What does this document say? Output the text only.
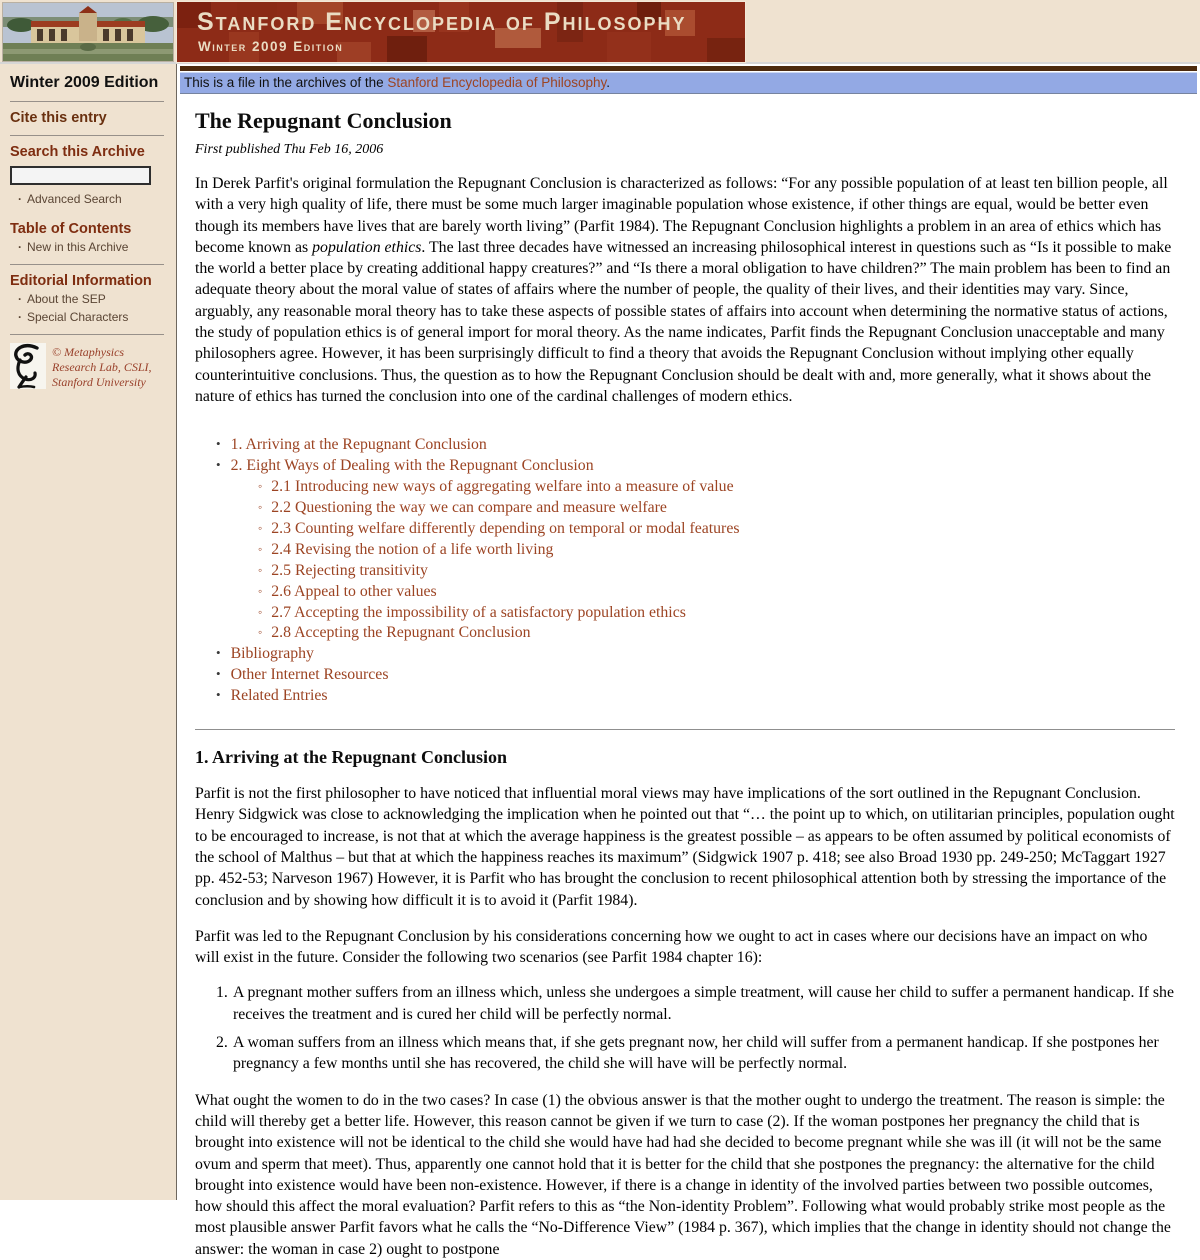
Stanford Encyclopedia of Philosophy
Winter 2009 Edition
Winter 2009 Edition
Cite this entry
Search this Archive
· Advanced Search
Table of Contents
· New in this Archive
Editorial Information
· About the SEP
· Special Characters
© Metaphysics Research Lab, CSLI, Stanford University
This is a file in the archives of the Stanford Encyclopedia of Philosophy.
The Repugnant Conclusion

First published Thu Feb 16, 2006

In Derek Parfit's original formulation the Repugnant Conclusion is characterized as follows: “For any possible population of at least ten billion people, all with a very high quality of life, there must be some much larger imaginable population whose existence, if other things are equal, would be better even though its members have lives that are barely worth living” (Parfit 1984). The Repugnant Conclusion highlights a problem in an area of ethics which has become known as population ethics. The last three decades have witnessed an increasing philosophical interest in questions such as “Is it possible to make the world a better place by creating additional happy creatures?” and “Is there a moral obligation to have children?” The main problem has been to find an adequate theory about the moral value of states of affairs where the number of people, the quality of their lives, and their identities may vary. Since, arguably, any reasonable moral theory has to take these aspects of possible states of affairs into account when determining the normative status of actions, the study of population ethics is of general import for moral theory. As the name indicates, Parfit finds the Repugnant Conclusion unacceptable and many philosophers agree. However, it has been surprisingly difficult to find a theory that avoids the Repugnant Conclusion without implying other equally counterintuitive conclusions. Thus, the question as to how the Repugnant Conclusion should be dealt with and, more generally, what it shows about the nature of ethics has turned the conclusion into one of the cardinal challenges of modern ethics.

• 1. Arriving at the Repugnant Conclusion
• 2. Eight Ways of Dealing with the Repugnant Conclusion
◦ 2.1 Introducing new ways of aggregating welfare into a measure of value
◦ 2.2 Questioning the way we can compare and measure welfare
◦ 2.3 Counting welfare differently depending on temporal or modal features
◦ 2.4 Revising the notion of a life worth living
◦ 2.5 Rejecting transitivity
◦ 2.6 Appeal to other values
◦ 2.7 Accepting the impossibility of a satisfactory population ethics
◦ 2.8 Accepting the Repugnant Conclusion
• Bibliography
• Other Internet Resources
• Related Entries
1. Arriving at the Repugnant Conclusion

Parfit is not the first philosopher to have noticed that influential moral views may have implications of the sort outlined in the Repugnant Conclusion. Henry Sidgwick was close to acknowledging the implication when he pointed out that “… the point up to which, on utilitarian principles, population ought to be encouraged to increase, is not that at which the average happiness is the greatest possible – as appears to be often assumed by political economists of the school of Malthus – but that at which the happiness reaches its maximum” (Sidgwick 1907 p. 418; see also Broad 1930 pp. 249-250; McTaggart 1927 pp. 452-53; Narveson 1967) However, it is Parfit who has brought the conclusion to recent philosophical attention both by stressing the importance of the conclusion and by showing how difficult it is to avoid it (Parfit 1984).

Parfit was led to the Repugnant Conclusion by his considerations concerning how we ought to act in cases where our decisions have an impact on who will exist in the future. Consider the following two scenarios (see Parfit 1984 chapter 16):

1. A pregnant mother suffers from an illness which, unless she undergoes a simple treatment, will cause her child to suffer a permanent handicap. If she receives the treatment and is cured her child will be perfectly normal.
2. A woman suffers from an illness which means that, if she gets pregnant now, her child will suffer from a permanent handicap. If she postpones her pregnancy a few months until she has recovered, the child she will have will be perfectly normal.

What ought the women to do in the two cases? In case (1) the obvious answer is that the mother ought to undergo the treatment. The reason is simple: the child will thereby get a better life. However, this reason cannot be given if we turn to case (2). If the woman postpones her pregnancy the child that is brought into existence will not be identical to the child she would have had had she decided to become pregnant while she was ill (it will not be the same ovum and sperm that meet). Thus, apparently one cannot hold that it is better for the child that she postpones the pregnancy: the alternative for the child brought into existence would have been non-existence. However, if there is a change in identity of the involved parties between two possible outcomes, how should this affect the moral evaluation? Parfit refers to this as “the Non-identity Problem”. Following what would probably strike most people as the most plausible answer Parfit favors what he calls the “No-Difference View” (1984 p. 367), which implies that the change in identity should not change the answer: the woman in case 2) ought to postpone
